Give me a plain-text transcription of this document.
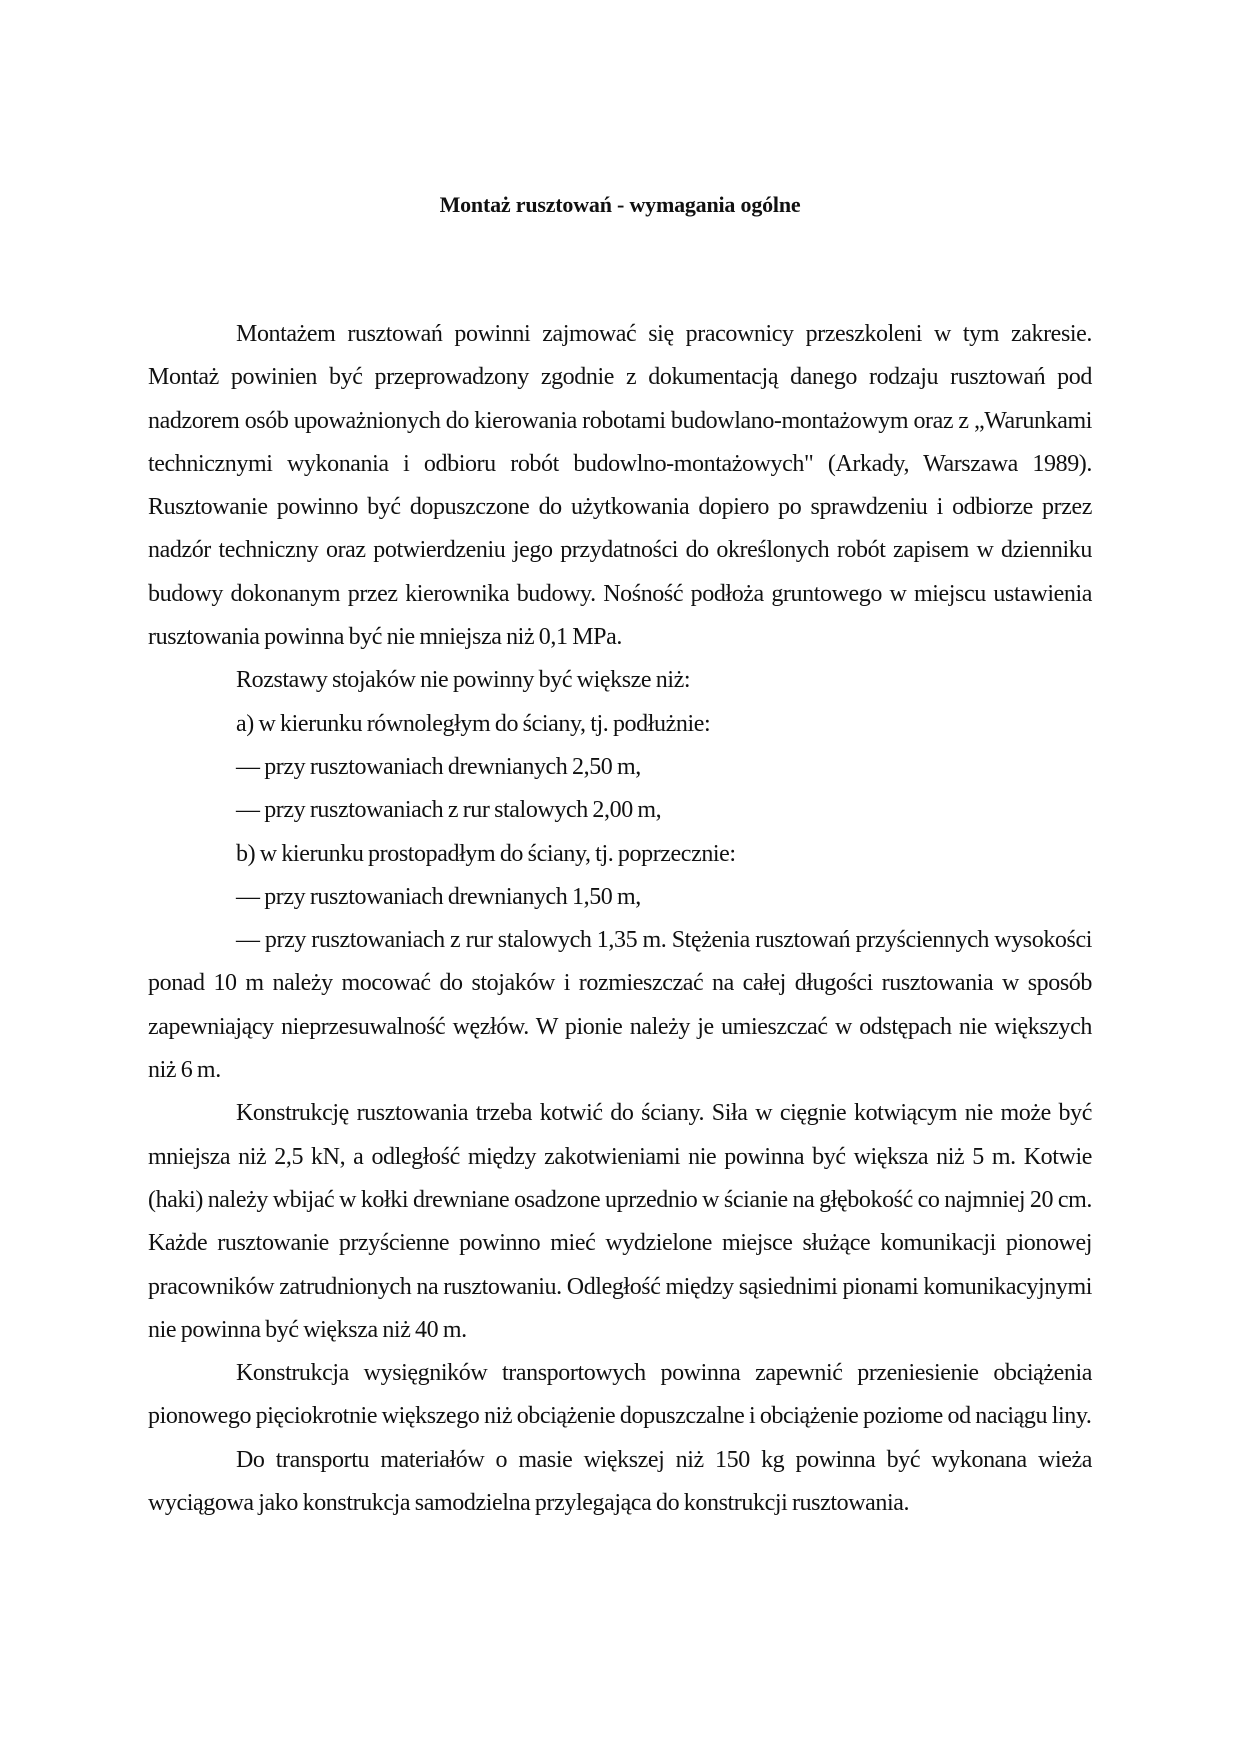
Montaż rusztowań - wymagania ogólne

Montażem rusztowań powinni zajmować się pracownicy przeszkoleni w tym zakresie. Montaż powinien być przeprowadzony zgodnie z dokumentacją danego rodzaju rusztowań pod nadzorem osób upoważnionych do kierowania robotami budowlano-montażowym oraz z „Warunkami technicznymi wykonania i odbioru robót budowlno-montażowych" (Arkady, Warszawa 1989). Rusztowanie powinno być dopuszczone do użytkowania dopiero po sprawdzeniu i odbiorze przez nadzór techniczny oraz potwierdzeniu jego przydatności do określonych robót zapisem w dzienniku budowy dokonanym przez kierownika budowy. Nośność podłoża gruntowego w miejscu ustawienia rusztowania powinna być nie mniejsza niż 0,1 MPa.

Rozstawy stojaków nie powinny być większe niż:

a) w kierunku równoległym do ściany, tj. podłużnie:

— przy rusztowaniach drewnianych 2,50 m,

— przy rusztowaniach z rur stalowych 2,00 m,

b) w kierunku prostopadłym do ściany, tj. poprzecznie:

— przy rusztowaniach drewnianych 1,50 m,

— przy rusztowaniach z rur stalowych 1,35 m. Stężenia rusztowań przyściennych wysokości ponad 10 m należy mocować do stojaków i rozmieszczać na całej długości rusztowania w sposób zapewniający nieprzesuwalność węzłów. W pionie należy je umieszczać w odstępach nie większych niż 6 m.

Konstrukcję rusztowania trzeba kotwić do ściany. Siła w cięgnie kotwiącym nie może być mniejsza niż 2,5 kN, a odległość między zakotwieniami nie powinna być większa niż 5 m. Kotwie (haki) należy wbijać w kołki drewniane osadzone uprzednio w ścianie na głębokość co najmniej 20 cm. Każde rusztowanie przyścienne powinno mieć wydzielone miejsce służące komunikacji pionowej pracowników zatrudnionych na rusztowaniu. Odległość między sąsiednimi pionami komunikacyjnymi nie powinna być większa niż 40 m.

Konstrukcja wysięgników transportowych powinna zapewnić przeniesienie obciążenia pionowego pięciokrotnie większego niż obciążenie dopuszczalne i obciążenie poziome od naciągu liny.

Do transportu materiałów o masie większej niż 150 kg powinna być wykonana wieża wyciągowa jako konstrukcja samodzielna przylegająca do konstrukcji rusztowania.
